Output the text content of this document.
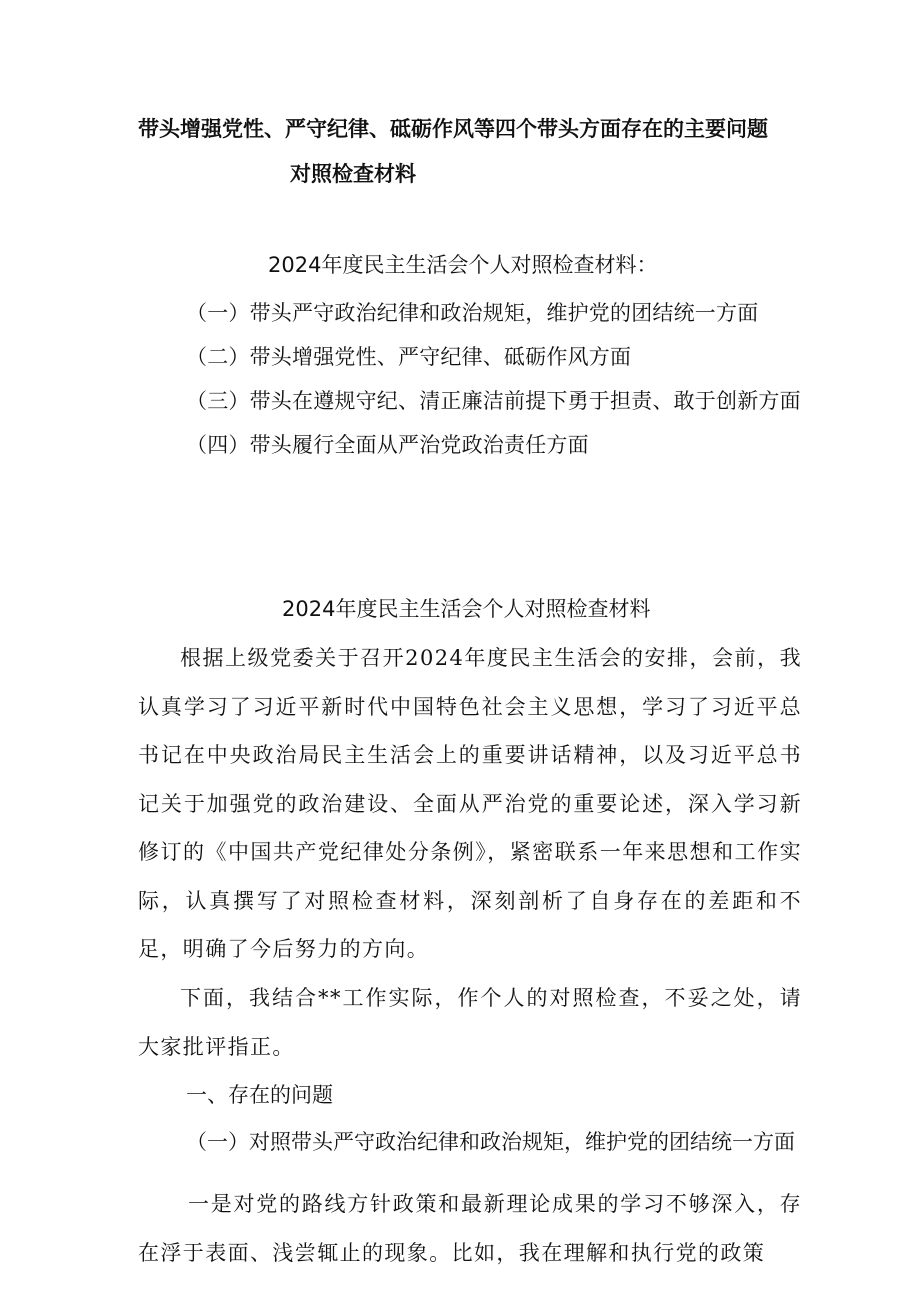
带头增强党性、严守纪律、砥砺作风等四个带头方面存在的主要问题

对照检查材料

2024年度民主生活会个人对照检查材料：

（一）带头严守政治纪律和政治规矩，维护党的团结统一方面

（二）带头增强党性、严守纪律、砥砺作风方面

（三）带头在遵规守纪、清正廉洁前提下勇于担责、敢于创新方面

（四）带头履行全面从严治党政治责任方面

2024年度民主生活会个人对照检查材料

根据上级党委关于召开2024年度民主生活会的安排，会前，我认真学习了习近平新时代中国特色社会主义思想，学习了习近平总书记在中央政治局民主生活会上的重要讲话精神，以及习近平总书记关于加强党的政治建设、全面从严治党的重要论述，深入学习新修订的《中国共产党纪律处分条例》，紧密联系一年来思想和工作实际，认真撰写了对照检查材料，深刻剖析了自身存在的差距和不足，明确了今后努力的方向。

下面，我结合**工作实际，作个人的对照检查，不妥之处，请大家批评指正。

一、存在的问题

（一）对照带头严守政治纪律和政治规矩，维护党的团结统一方面

一是对党的路线方针政策和最新理论成果的学习不够深入，存在浮于表面、浅尝辄止的现象。比如，我在理解和执行党的政策
